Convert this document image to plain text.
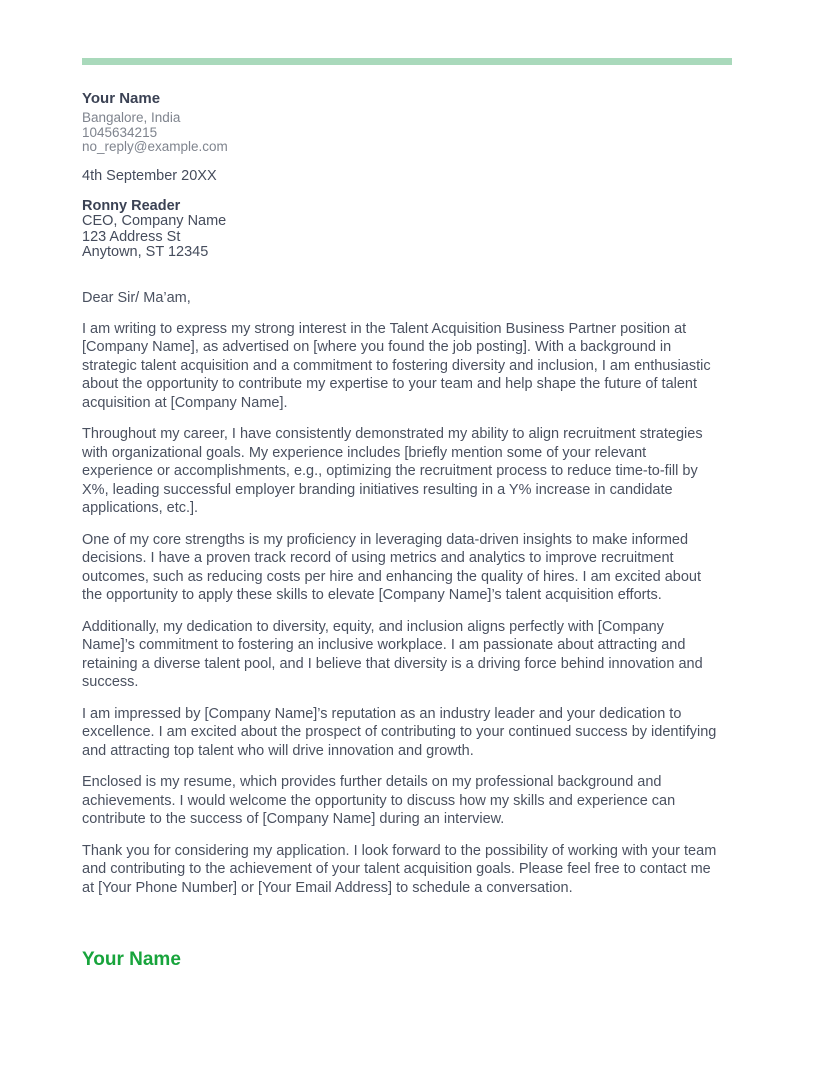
Your Name
Bangalore, India
1045634215
no_reply@example.com
4th September 20XX
Ronny Reader
CEO, Company Name
123 Address St
Anytown, ST 12345
Dear Sir/ Ma’am,

I am writing to express my strong interest in the Talent Acquisition Business Partner position at [Company Name], as advertised on [where you found the job posting]. With a background in strategic talent acquisition and a commitment to fostering diversity and inclusion, I am enthusiastic about the opportunity to contribute my expertise to your team and help shape the future of talent acquisition at [Company Name].

Throughout my career, I have consistently demonstrated my ability to align recruitment strategies with organizational goals. My experience includes [briefly mention some of your relevant experience or accomplishments, e.g., optimizing the recruitment process to reduce time-to-fill by X%, leading successful employer branding initiatives resulting in a Y% increase in candidate applications, etc.].

One of my core strengths is my proficiency in leveraging data-driven insights to make informed decisions. I have a proven track record of using metrics and analytics to improve recruitment outcomes, such as reducing costs per hire and enhancing the quality of hires. I am excited about the opportunity to apply these skills to elevate [Company Name]’s talent acquisition efforts.

Additionally, my dedication to diversity, equity, and inclusion aligns perfectly with [Company Name]’s commitment to fostering an inclusive workplace. I am passionate about attracting and retaining a diverse talent pool, and I believe that diversity is a driving force behind innovation and success.

I am impressed by [Company Name]’s reputation as an industry leader and your dedication to excellence. I am excited about the prospect of contributing to your continued success by identifying and attracting top talent who will drive innovation and growth.

Enclosed is my resume, which provides further details on my professional background and achievements. I would welcome the opportunity to discuss how my skills and experience can contribute to the success of [Company Name] during an interview.

Thank you for considering my application. I look forward to the possibility of working with your team and contributing to the achievement of your talent acquisition goals. Please feel free to contact me at [Your Phone Number] or [Your Email Address] to schedule a conversation.

Your Name
